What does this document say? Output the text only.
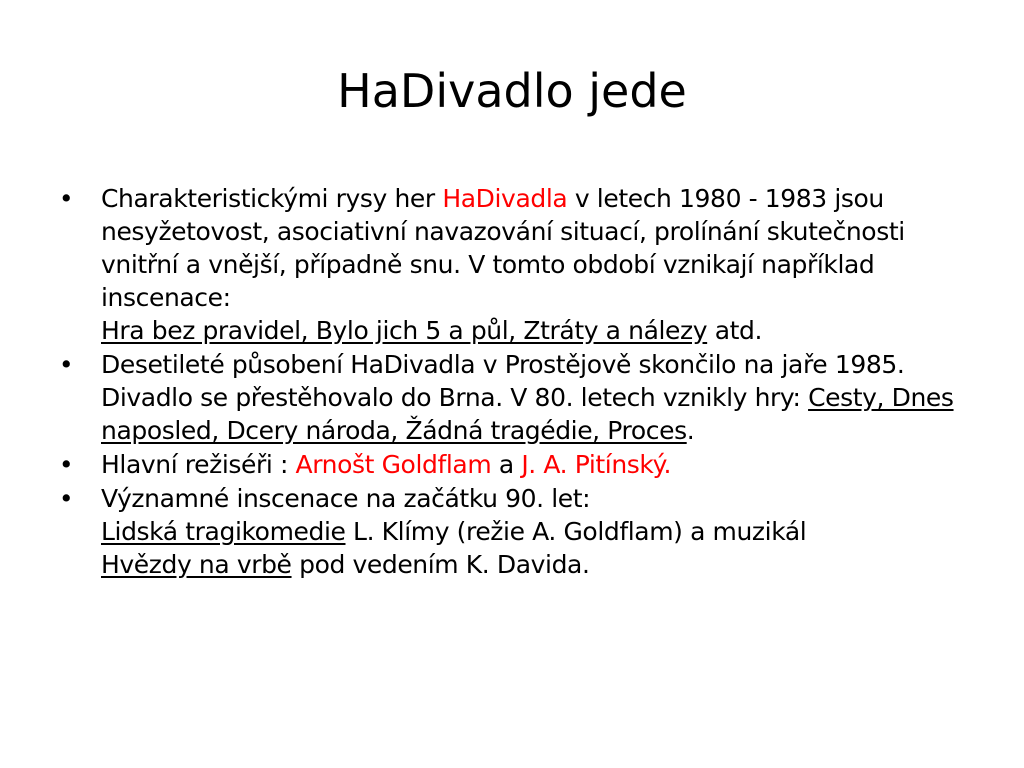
HaDivadlo jede
• Charakteristickými rysy her HaDivadla v letech 1980 - 1983 jsou nesyžetovost, asociativní navazování situací, prolínání skutečnosti vnitřní a vnější, případně snu. V tomto období vznikají například inscenace:
Hra bez pravidel, Bylo jich 5 a půl, Ztráty a nálezy atd.
• Desetileté působení HaDivadla v Prostějově skončilo na jaře 1985. Divadlo se přestěhovalo do Brna. V 80. letech vznikly hry: Cesty, Dnes naposled, Dcery národa, Žádná tragédie, Proces.
• Hlavní režiséři : Arnošt Goldflam a J. A. Pitínský.
• Významné inscenace na začátku 90. let:
Lidská tragikomedie L. Klímy (režie A. Goldflam) a muzikál
Hvězdy na vrbě pod vedením K. Davida.
